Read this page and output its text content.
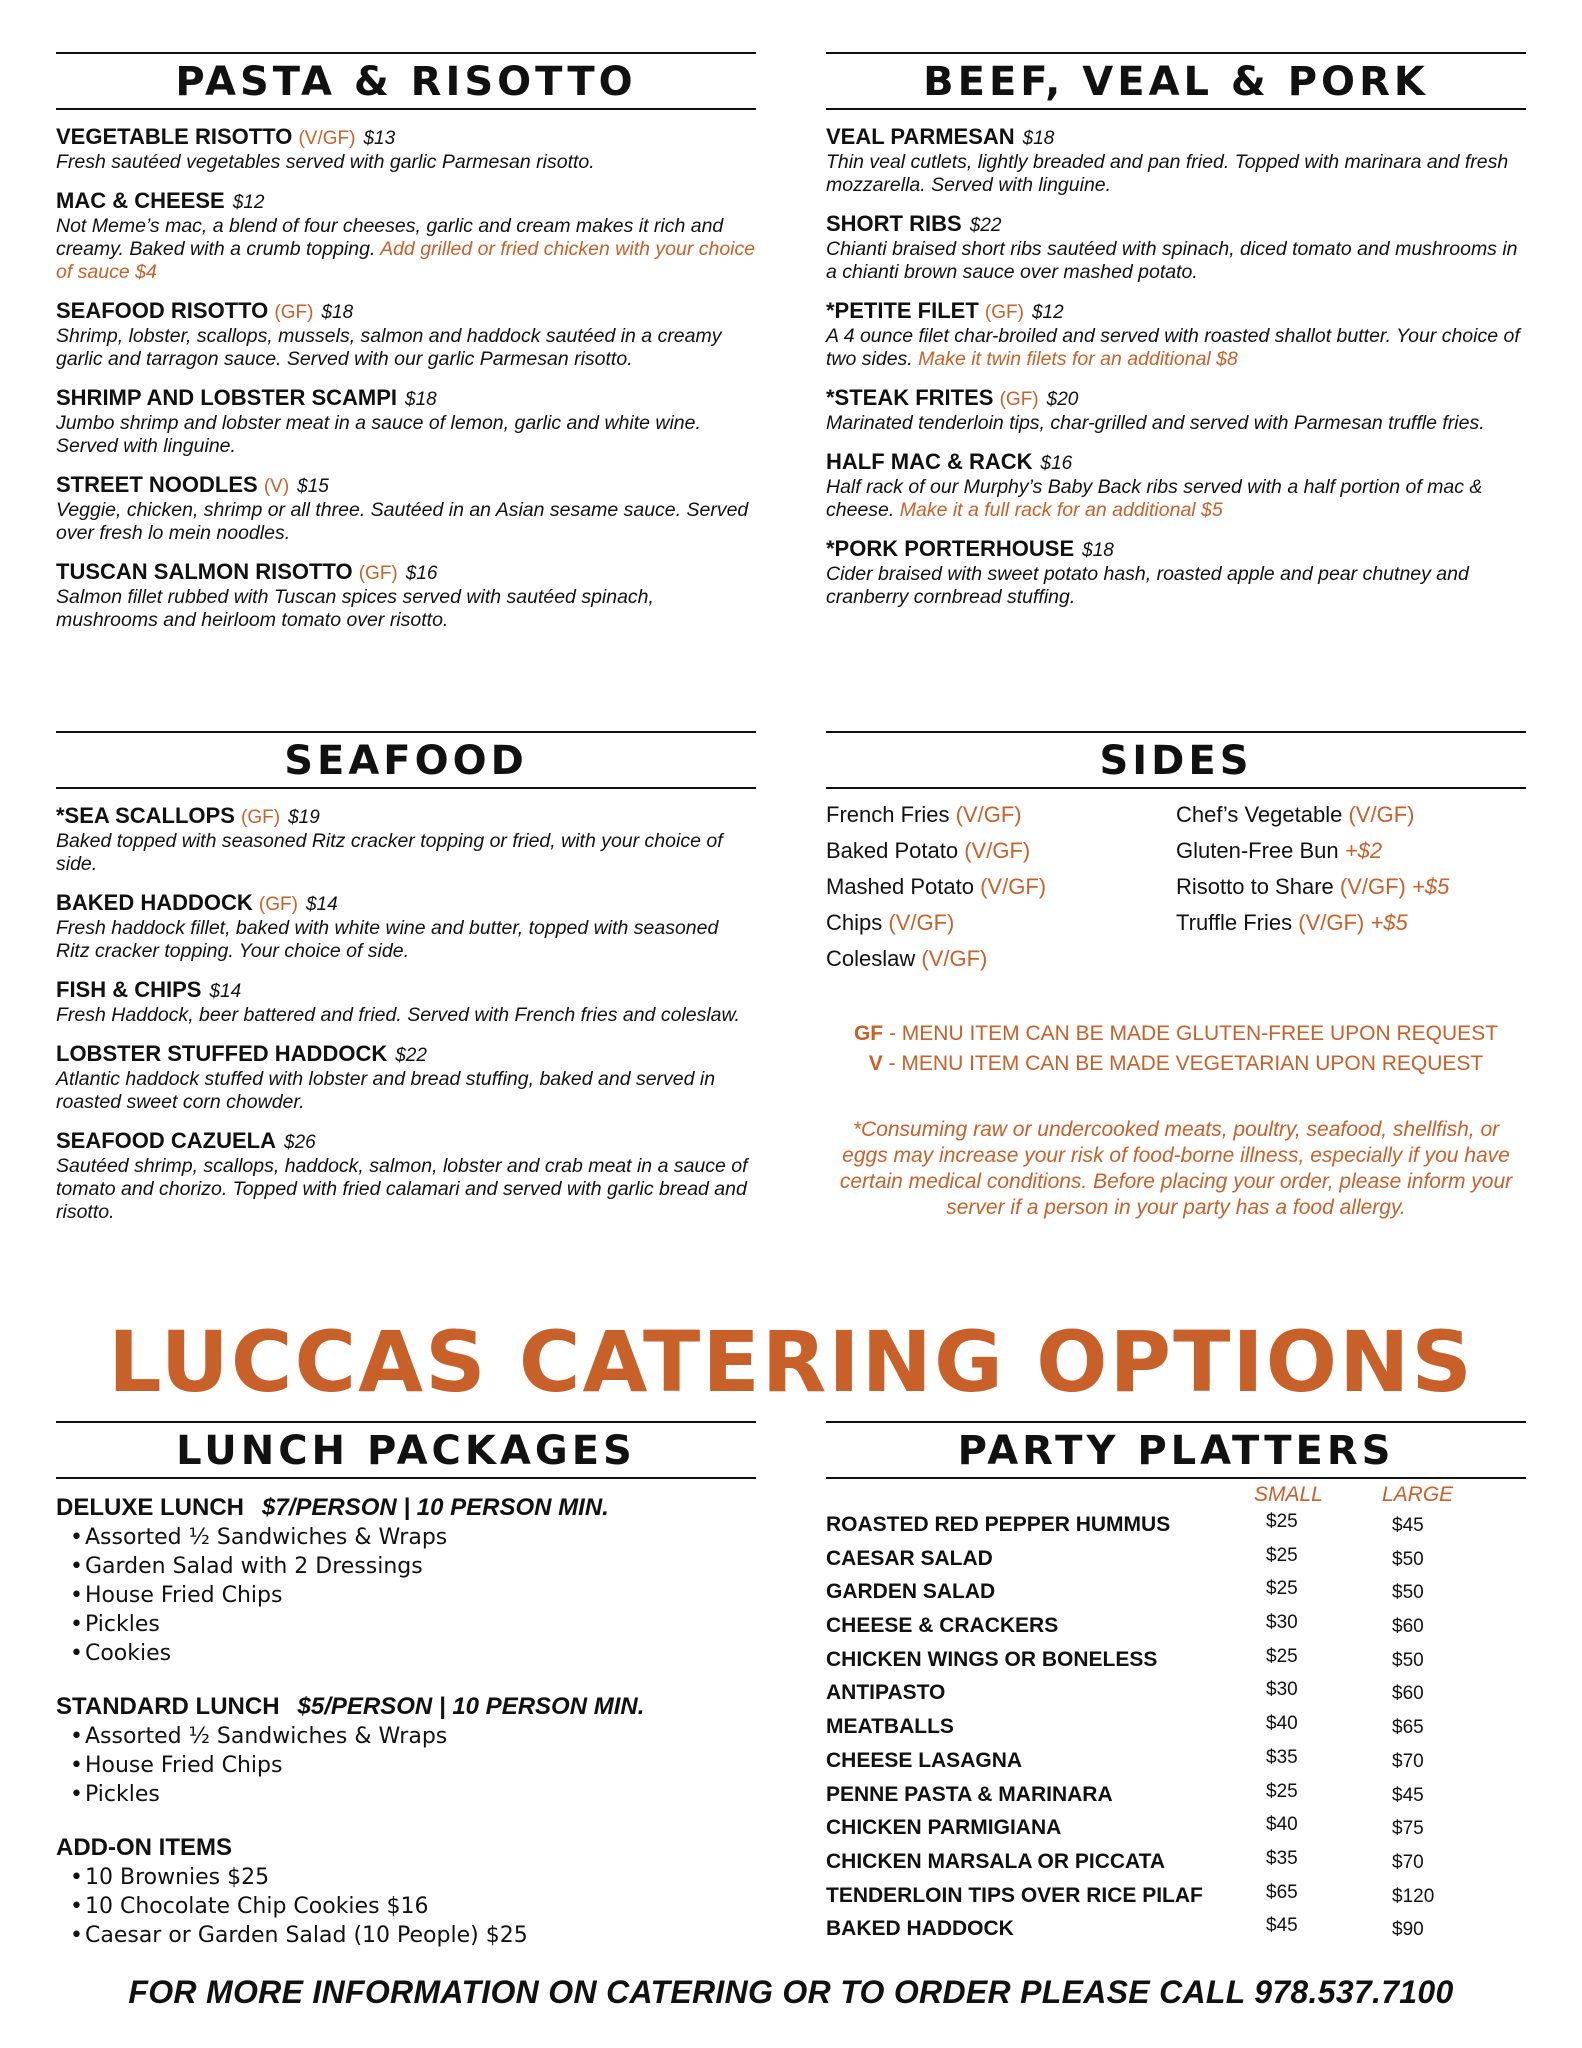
PASTA & RISOTTO
VEGETABLE RISOTTO (V/GF) $13
Fresh sautéed vegetables served with garlic Parmesan risotto.
MAC & CHEESE $12
Not Meme’s mac, a blend of four cheeses, garlic and cream makes it rich and creamy. Baked with a crumb topping. Add grilled or fried chicken with your choice of sauce $4
SEAFOOD RISOTTO (GF) $18
Shrimp, lobster, scallops, mussels, salmon and haddock sautéed in a creamy garlic and tarragon sauce. Served with our garlic Parmesan risotto.
SHRIMP AND LOBSTER SCAMPI $18
Jumbo shrimp and lobster meat in a sauce of lemon, garlic and white wine. Served with linguine.
STREET NOODLES (V) $15
Veggie, chicken, shrimp or all three. Sautéed in an Asian sesame sauce. Served over fresh lo mein noodles.
TUSCAN SALMON RISOTTO (GF) $16
Salmon fillet rubbed with Tuscan spices served with sautéed spinach, mushrooms and heirloom tomato over risotto.
BEEF, VEAL & PORK
VEAL PARMESAN $18
Thin veal cutlets, lightly breaded and pan fried. Topped with marinara and fresh mozzarella. Served with linguine.
SHORT RIBS $22
Chianti braised short ribs sautéed with spinach, diced tomato and mushrooms in a chianti brown sauce over mashed potato.
*PETITE FILET (GF) $12
A 4 ounce filet char-broiled and served with roasted shallot butter. Your choice of two sides. Make it twin filets for an additional $8
*STEAK FRITES (GF) $20
Marinated tenderloin tips, char-grilled and served with Parmesan truffle fries.
HALF MAC & RACK $16
Half rack of our Murphy’s Baby Back ribs served with a half portion of mac & cheese. Make it a full rack for an additional $5
*PORK PORTERHOUSE $18
Cider braised with sweet potato hash, roasted apple and pear chutney and cranberry cornbread stuffing.
SEAFOOD
*SEA SCALLOPS (GF) $19
Baked topped with seasoned Ritz cracker topping or fried, with your choice of side.
BAKED HADDOCK (GF) $14
Fresh haddock fillet, baked with white wine and butter, topped with seasoned Ritz cracker topping. Your choice of side.
FISH & CHIPS $14
Fresh Haddock, beer battered and fried. Served with French fries and coleslaw.
LOBSTER STUFFED HADDOCK $22
Atlantic haddock stuffed with lobster and bread stuffing, baked and served in roasted sweet corn chowder.
SEAFOOD CAZUELA $26
Sautéed shrimp, scallops, haddock, salmon, lobster and crab meat in a sauce of tomato and chorizo. Topped with fried calamari and served with garlic bread and risotto.
SIDES
French Fries (V/GF)
Baked Potato (V/GF)
Mashed Potato (V/GF)
Chips (V/GF)
Coleslaw (V/GF)
Chef’s Vegetable (V/GF)
Gluten-Free Bun +$2
Risotto to Share (V/GF) +$5
Truffle Fries (V/GF) +$5
GF - MENU ITEM CAN BE MADE GLUTEN-FREE UPON REQUEST
V - MENU ITEM CAN BE MADE VEGETARIAN UPON REQUEST
*Consuming raw or undercooked meats, poultry, seafood, shellfish, or eggs may increase your risk of food-borne illness, especially if you have certain medical conditions. Before placing your order, please inform your server if a person in your party has a food allergy.
LUCCAS CATERING OPTIONS
LUNCH PACKAGES
DELUXE LUNCH $7/PERSON | 10 PERSON MIN.
• Assorted ½ Sandwiches & Wraps
• Garden Salad with 2 Dressings
• House Fried Chips
• Pickles
• Cookies
STANDARD LUNCH $5/PERSON | 10 PERSON MIN.
• Assorted ½ Sandwiches & Wraps
• House Fried Chips
• Pickles
ADD-ON ITEMS
• 10 Brownies $25
• 10 Chocolate Chip Cookies $16
• Caesar or Garden Salad (10 People) $25
PARTY PLATTERS
SMALL	LARGE
ROASTED RED PEPPER HUMMUS	$25	$45
CAESAR SALAD	$25	$50
GARDEN SALAD	$25	$50
CHEESE & CRACKERS	$30	$60
CHICKEN WINGS OR BONELESS	$25	$50
ANTIPASTO	$30	$60
MEATBALLS	$40	$65
CHEESE LASAGNA	$35	$70
PENNE PASTA & MARINARA	$25	$45
CHICKEN PARMIGIANA	$40	$75
CHICKEN MARSALA OR PICCATA	$35	$70
TENDERLOIN TIPS OVER RICE PILAF	$65	$120
BAKED HADDOCK	$45	$90
FOR MORE INFORMATION ON CATERING OR TO ORDER PLEASE CALL 978.537.7100
